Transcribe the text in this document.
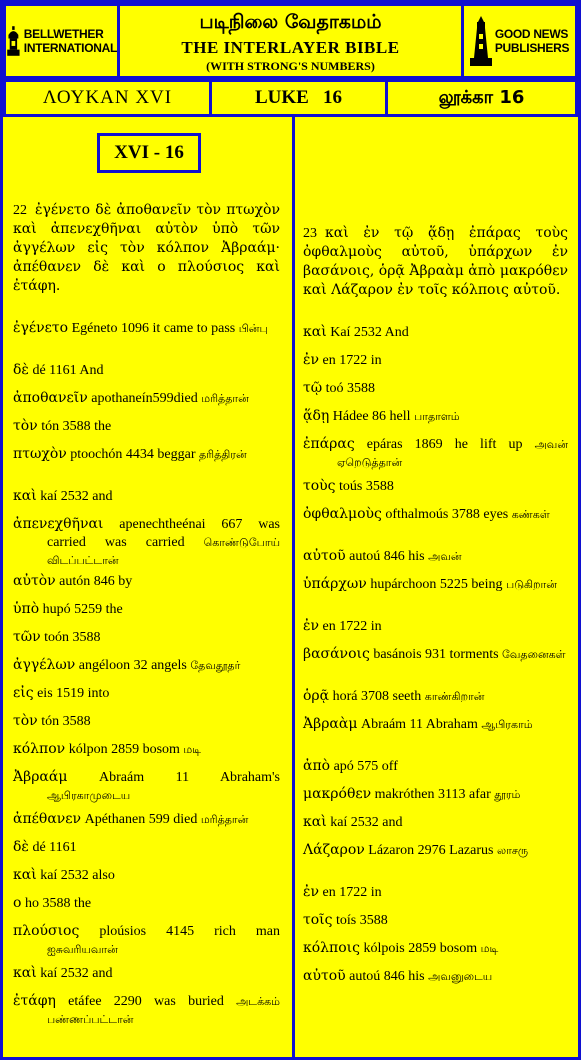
BELLWETHER
INTERNATIONAL
படிநிலை வேதாகமம்
THE INTERLAYER BIBLE
(WITH STRONG'S NUMBERS)
GOOD NEWS
PUBLISHERS
ΛΟΥΚΑΝ XVI	LUKE   16	லூக்கா 16
XVI - 16
22 ἐγένετο δὲ ἀποθανεῖν τὸν πτωχὸν καὶ ἀπενεχθῆναι αὐτὸν ὑπὸ τῶν ἀγγέλων εἰς τὸν κόλπον Ἀβραάμ· ἀπέθανεν δὲ καὶ ο πλούσιος καὶ ἐτάφη.
ἐγένετο Egéneto 1096 it came to pass பின்பு
δὲ dé 1161 And
ἀποθανεῖν apothaneín599died மரித்தான்
τὸν tón 3588 the
πτωχὸν ptoochón 4434 beggar தரித்திரன்
καὶ kaí 2532 and
ἀπενεχθῆναι apenechtheénai 667 was carried was carried கொண்டுபோய் விடப்பட்டான்
αὐτὸν autón 846 by
ὑπὸ hupó 5259 the
τῶν toón 3588
ἀγγέλων angéloon 32 angels தேவதூதர்
εἰς eis 1519 into
τὸν tón 3588
κόλπον kólpon 2859 bosom மடி
Ἀβραάμ Abraám 11 Abraham's ஆபிரகாமுடைய
ἀπέθανεν Apéthanen 599 died மரித்தான்
δὲ dé 1161
καὶ kaí 2532 also
ο ho 3588 the
πλούσιος ploúsios 4145 rich man ஐசுவரியவான்
καὶ kaí 2532 and
ἐτάφη etáfee 2290 was buried அடக்கம் பண்ணப்பட்டான்
23 καὶ ἐν τῷ ᾅδῃ ἐπάρας τοὺς ὀφθαλμοὺς αὐτοῦ, ὑπάρχων ἐν βασάνοις, ὁρᾷ Ἀβραὰμ ἀπὸ μακρόθεν καὶ Λάζαρον ἐν τοῖς κόλποις αὐτοῦ.
καὶ Kaí 2532 And
ἐν en 1722 in
τῷ toó 3588
ᾅδῃ Hádee 86 hell பாதாளம்
ἐπάρας epáras 1869 he lift up அவன் ஏறெடுத்தான்
τοὺς toús 3588
ὀφθαλμοὺς ofthalmoús 3788 eyes கண்கள்
αὐτοῦ autoú 846 his அவன்
ὑπάρχων hupárchoon 5225 being படுகிறான்
ἐν en 1722 in
βασάνοις basánois 931 torments வேதனைகள்
ὁρᾷ horá 3708 seeth காண்கிறான்
Ἀβραὰμ Abraám 11 Abraham ஆபிரகாம்
ἀπὸ apó 575 off
μακρόθεν makróthen 3113 afar தூரம்
καὶ kaí 2532 and
Λάζαρον Lázaron 2976 Lazarus லாசரு
ἐν en 1722 in
τοῖς toís 3588
κόλποις kólpois 2859 bosom மடி
αὐτοῦ autoú 846 his அவனுடைய
